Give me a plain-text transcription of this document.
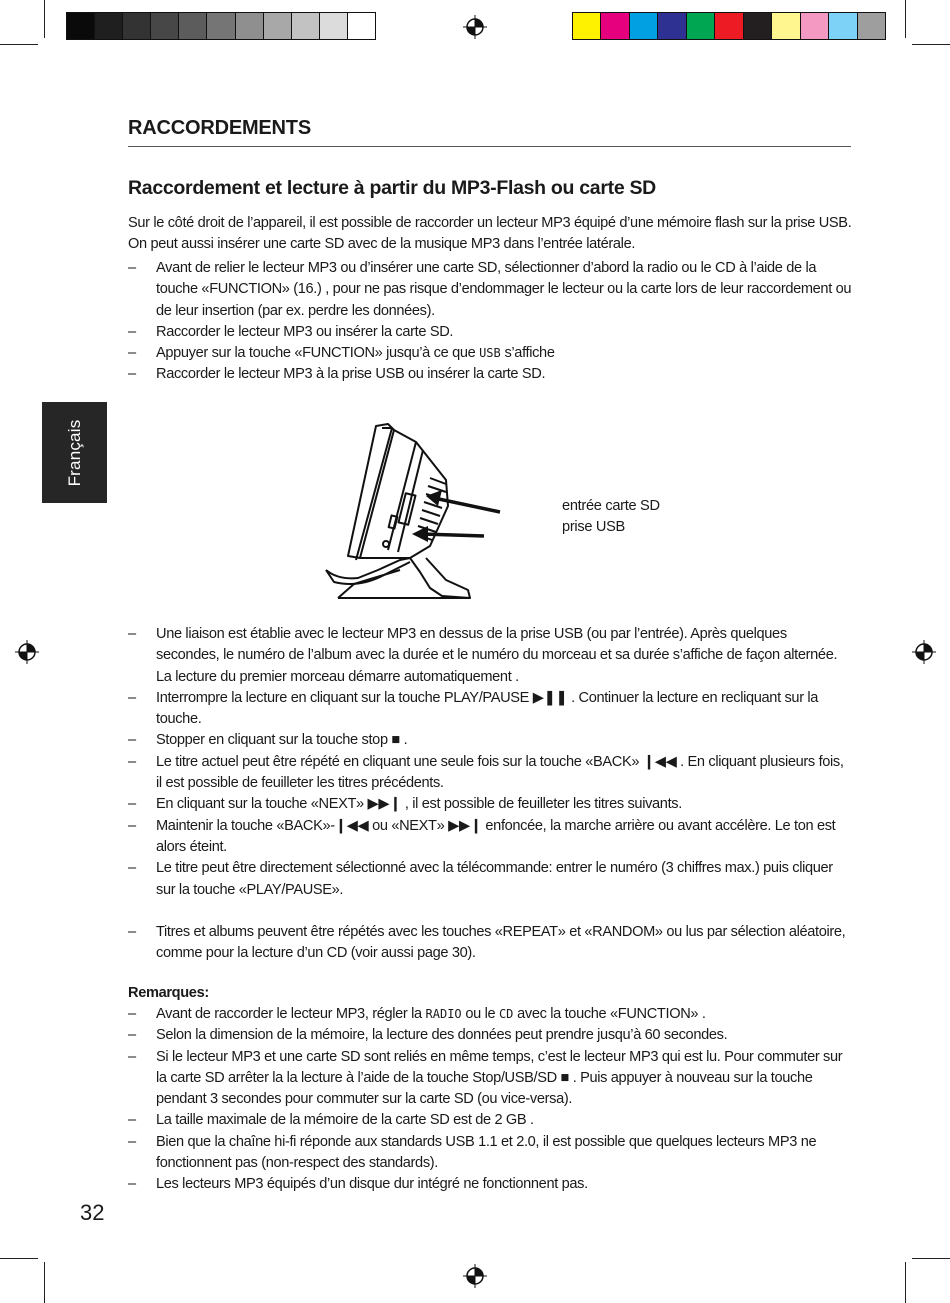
RACCORDEMENTS
Raccordement et lecture à partir du MP3-Flash ou carte SD
Sur le côté droit de l’appareil, il est possible de raccorder un lecteur MP3 équipé d’une mémoire flash sur la prise USB. On peut aussi insérer une carte SD avec de la musique MP3 dans l’entrée latérale.
– Avant de relier le lecteur MP3 ou d’insérer une carte SD, sélectionner d’abord la radio ou le CD à l’aide de la touche «FUNCTION» (16.) , pour ne pas risque d’endommager le lecteur ou la carte lors de leur raccordement ou de leur insertion (par ex. perdre les données).
– Raccorder le lecteur MP3 ou insérer la carte SD.
– Appuyer sur la touche «FUNCTION» jusqu’à ce que USB s’affiche
– Raccorder le lecteur MP3 à la prise USB ou insérer la carte SD.
Français
entrée carte SD
prise USB
– Une liaison est établie avec le lecteur MP3 en dessus de la prise USB (ou par l’entrée). Après quelques secondes, le numéro de l’album avec la durée et le numéro du morceau et sa durée s’affiche de façon alternée. La lecture du premier morceau démarre automatiquement .
– Interrompre la lecture en cliquant sur la touche PLAY/PAUSE ▶❚❚ . Continuer la lecture en recliquant sur la touche.
– Stopper en cliquant sur la touche stop ■ .
– Le titre actuel peut être répété en cliquant une seule fois sur la touche «BACK» ❙◀◀ . En cliquant plusieurs fois, il est possible de feuilleter les titres précédents.
– En cliquant sur la touche «NEXT» ▶▶❙ , il est possible de feuilleter les titres suivants.
– Maintenir la touche «BACK»-❙◀◀ ou «NEXT» ▶▶❙ enfoncée, la marche arrière ou avant accélère. Le ton est alors éteint.
– Le titre peut être directement sélectionné avec la télécommande: entrer le numéro (3 chiffres max.) puis cliquer sur la touche «PLAY/PAUSE».
– Titres et albums peuvent être répétés avec les touches «REPEAT» et «RANDOM» ou lus par sélection aléatoire, comme pour la lecture d’un CD (voir aussi page 30).
Remarques:
– Avant de raccorder le lecteur MP3, régler la RADIO ou le CD avec la touche «FUNCTION» .
– Selon la dimension de la mémoire, la lecture des données peut prendre jusqu’à 60 secondes.
– Si le lecteur MP3 et une carte SD sont reliés en même temps, c’est le lecteur MP3 qui est lu. Pour commuter sur la carte SD arrêter la la lecture à l’aide de la touche Stop/USB/SD ■ . Puis appuyer à nouveau sur la touche pendant 3 secondes pour commuter sur la carte SD (ou vice-versa).
– La taille maximale de la mémoire de la carte SD est de 2 GB .
– Bien que la chaîne hi-fi réponde aux standards USB 1.1 et 2.0, il est possible que quelques lecteurs MP3 ne fonctionnent pas (non-respect des standards).
– Les lecteurs MP3 équipés d’un disque dur intégré ne fonctionnent pas.
32
